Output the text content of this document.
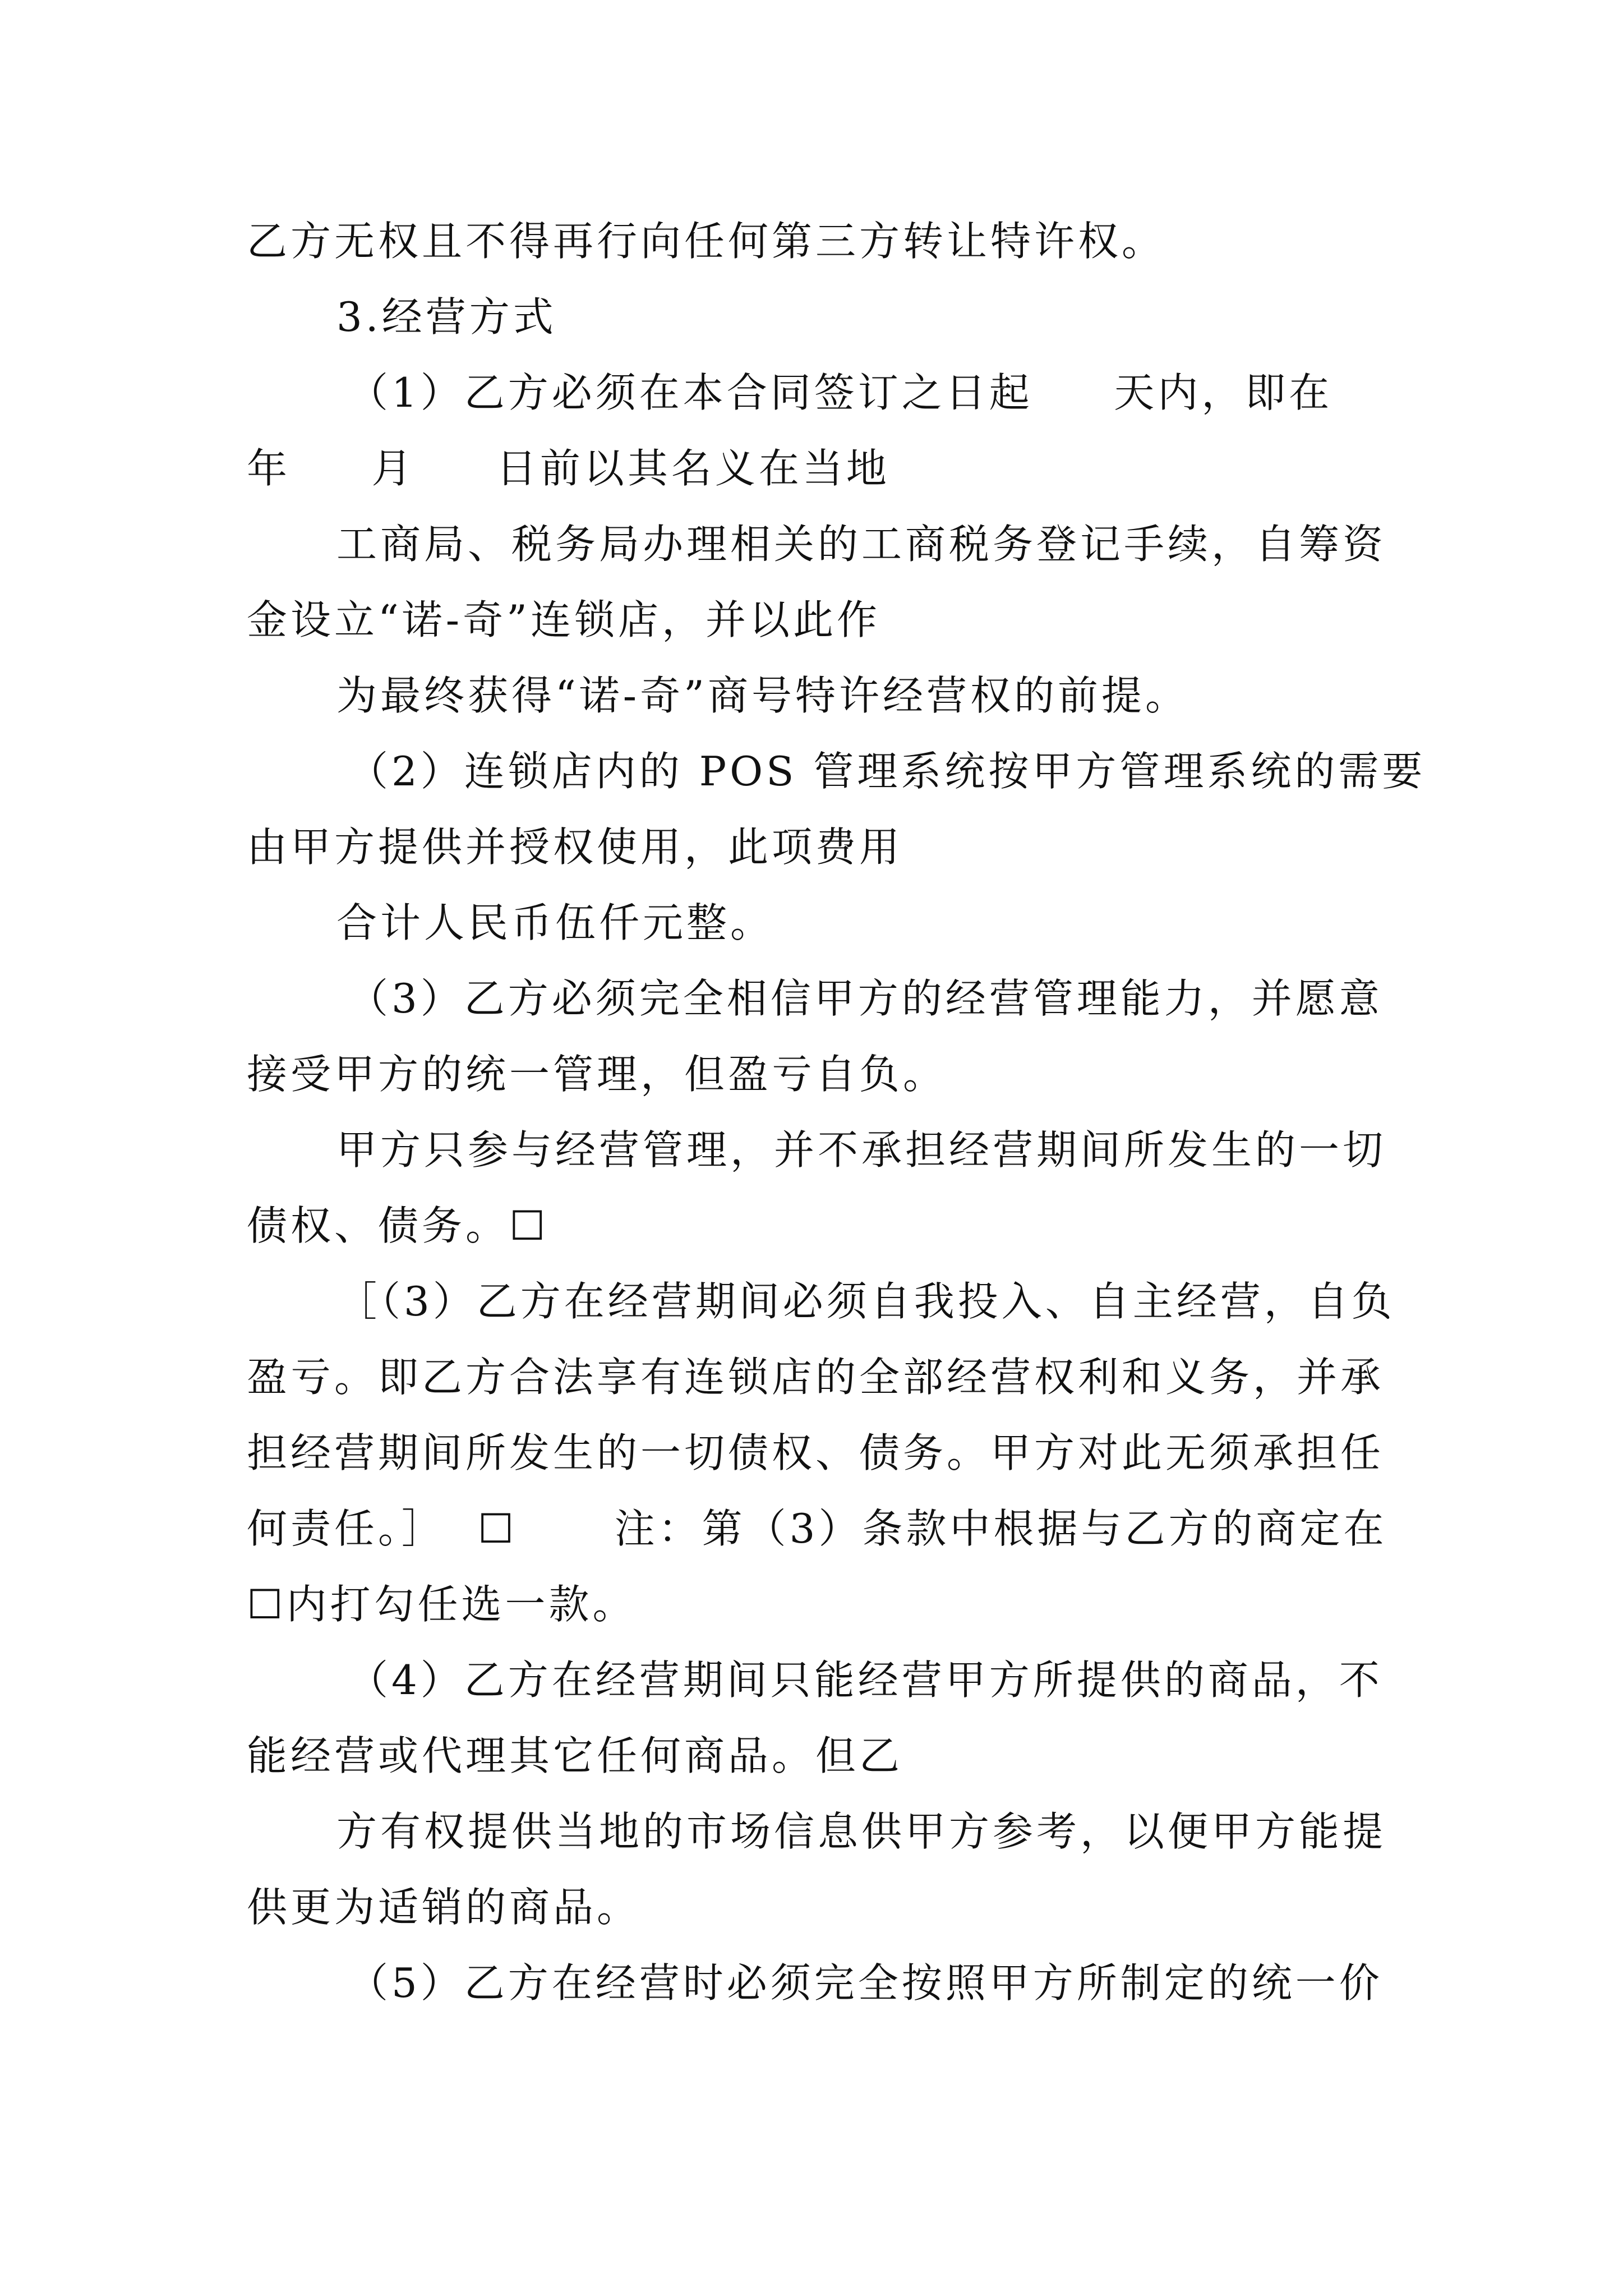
乙方无权且不得再行向任何第三方转让特许权。
3.经营方式
（1）乙方必须在本合同签订之日起     天内，即在
年     月     日前以其名义在当地
工商局、税务局办理相关的工商税务登记手续，自筹资
金设立“诺-奇”连锁店，并以此作
为最终获得“诺-奇”商号特许经营权的前提。
（2）连锁店内的 POS 管理系统按甲方管理系统的需要
由甲方提供并授权使用，此项费用
合计人民币伍仟元整。
（3）乙方必须完全相信甲方的经营管理能力，并愿意
接受甲方的统一管理，但盈亏自负。
甲方只参与经营管理，并不承担经营期间所发生的一切
债权、债务。☐
［（3）乙方在经营期间必须自我投入、自主经营，自负
盈亏。即乙方合法享有连锁店的全部经营权利和义务，并承
担经营期间所发生的一切债权、债务。甲方对此无须承担任
何责任。］  ☐      注：第（3）条款中根据与乙方的商定在
☐内打勾任选一款。
（4）乙方在经营期间只能经营甲方所提供的商品，不
能经营或代理其它任何商品。但乙
方有权提供当地的市场信息供甲方参考，以便甲方能提
供更为适销的商品。
（5）乙方在经营时必须完全按照甲方所制定的统一价
